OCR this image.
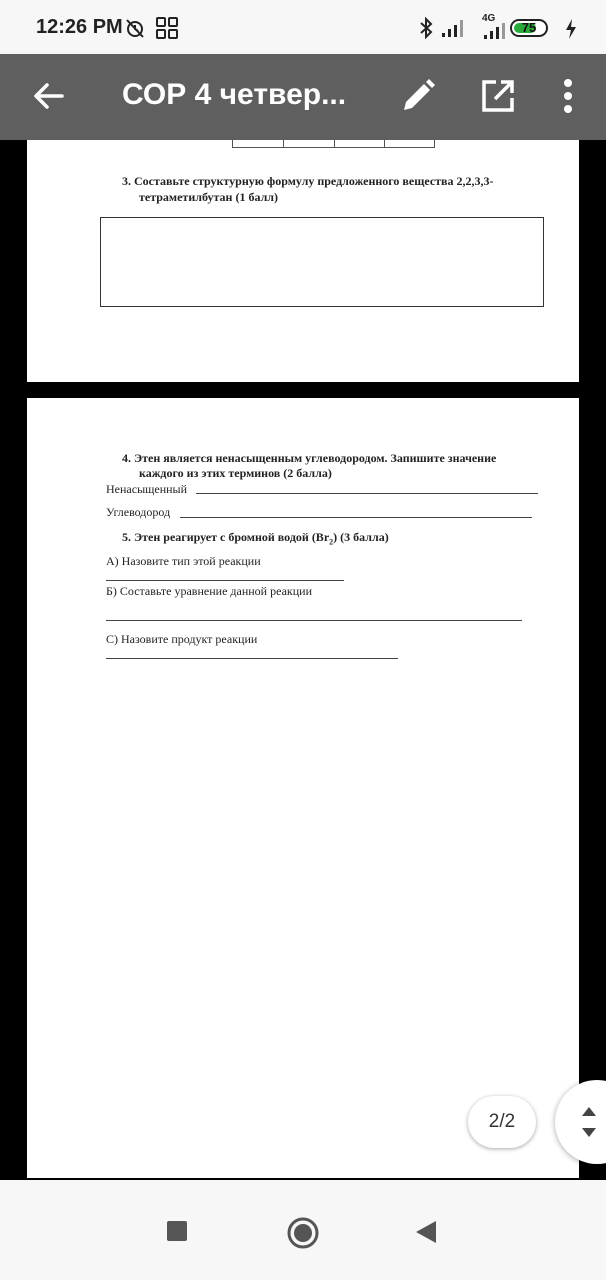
12:26 PM	4G
75
СОР 4 четвер...
3. Составьте структурную формулу предложенного вещества 2,2,3,3-
тетраметилбутан (1 балл)
4. Этен является ненасыщенным углеводородом. Запишите значение
каждого из этих терминов (2 балла)
Ненасыщенный
Углеводород
5. Этен реагирует с бромной водой $(Br_2)$ (3 балла)
А) Назовите тип этой реакции
Б) Составьте уравнение данной реакции
С) Назовите продукт реакции
2/2
